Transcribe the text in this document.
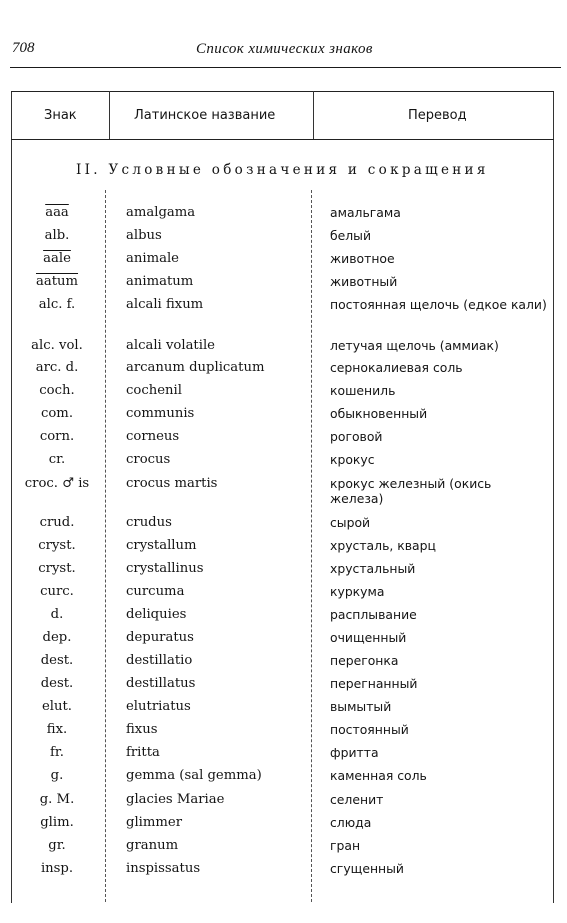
708	Список химических знаков
Знак	Латинское название	Перевод
II. Условные обозначения и сокращения
$\overline{aaa}$	amalgama	амальгама
alb.	albus	белый
aale	animale	животное
aatum	animatum	животный
alc. f.	alcali fixum	постоянная щелочь (едкое кали)
alc. vol.	alcali volatile	летучая щелочь (аммиак)
arc. d.	arcanum duplicatum	сернокалиевая соль
coch.	cochenil	кошениль
com.	communis	обыкновенный
corn.	corneus	роговой
cr.	crocus	крокус
croc. ♂ is	crocus martis	крокус железный (окись железа)
crud.	crudus	сырой
cryst.	crystallum	хрусталь, кварц
cryst.	crystallinus	хрустальный
curc.	curcuma	куркума
d.	deliquies	расплывание
dep.	depuratus	очищенный
dest.	destillatio	перегонка
dest.	destillatus	перегнанный
elut.	elutriatus	вымытый
fix.	fixus	постоянный
fr.	fritta	фритта
g.	gemma (sal gemma)	каменная соль
g. M.	glacies Mariae	селенит
glim.	glimmer	слюда
gr.	granum	гран
insp.	inspissatus	сгущенный
